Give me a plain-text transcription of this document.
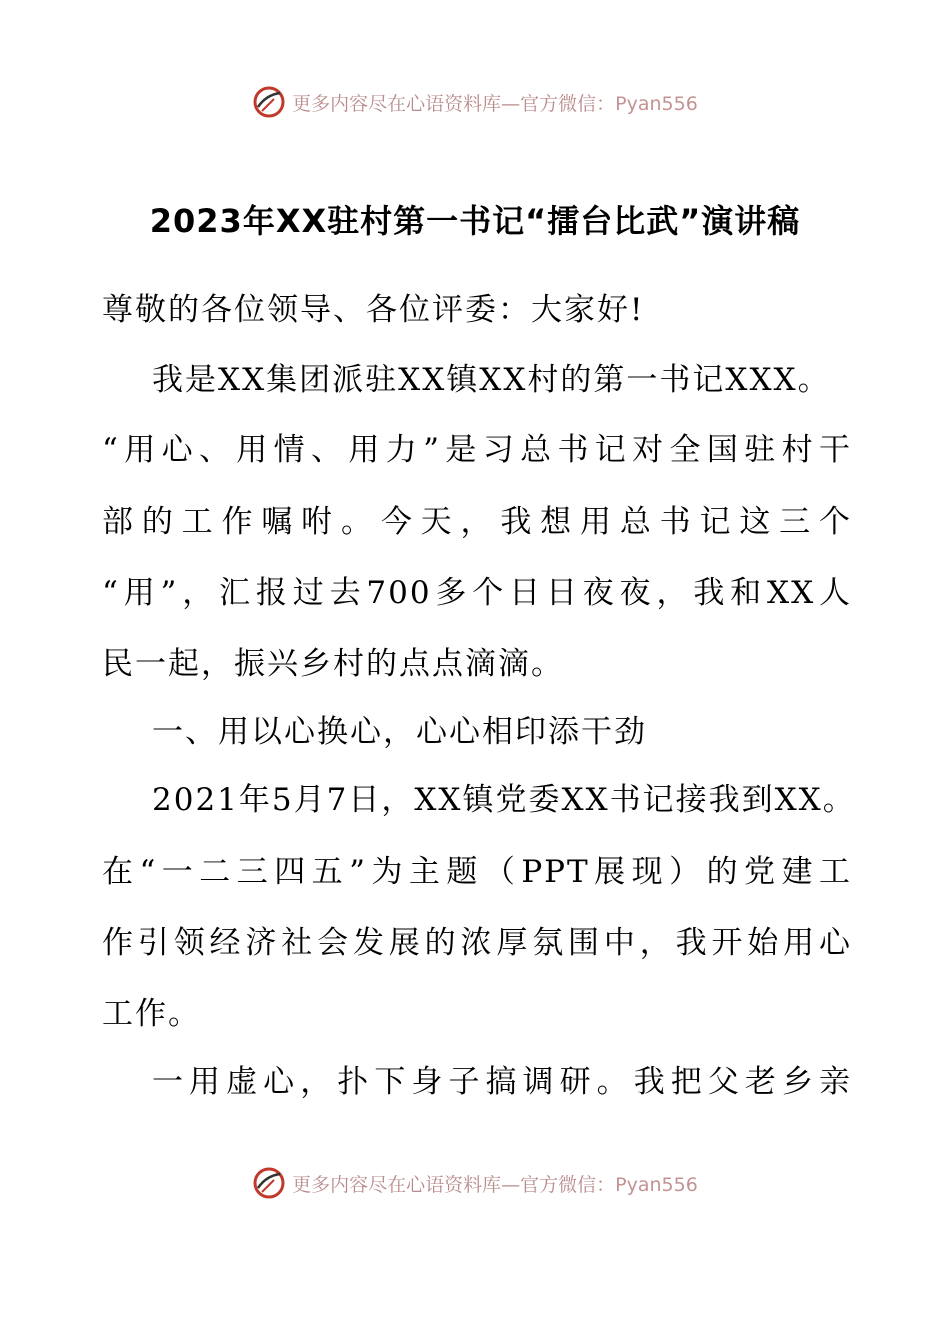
更多内容尽在心语资料库—官方微信：Pyan556
2023年XX驻村第一书记“擂台比武”演讲稿
尊敬的各位领导、各位评委：大家好!
我是XX集团派驻XX镇XX村的第一书记XXX。
“用心、用情、用力”是习总书记对全国驻村干
部的工作嘱咐。今天，我想用总书记这三个
“用”，汇报过去700多个日日夜夜，我和XX人
民一起，振兴乡村的点点滴滴。
一、用以心换心，心心相印添干劲
2021年5月7日，XX镇党委XX书记接我到XX。
在“一二三四五”为主题（PPT展现）的党建工
作引领经济社会发展的浓厚氛围中，我开始用心
工作。
一用虚心，扑下身子搞调研。我把父老乡亲
更多内容尽在心语资料库—官方微信：Pyan556
